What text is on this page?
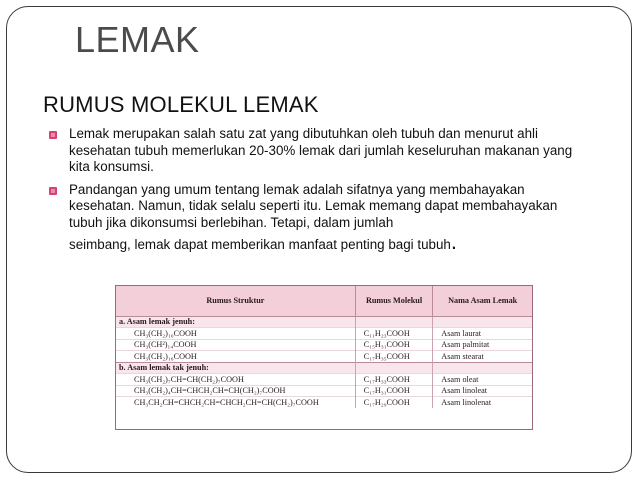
LEMAK
RUMUS MOLEKUL LEMAK
Lemak merupakan salah satu zat yang dibutuhkan oleh tubuh dan menurut ahli kesehatan tubuh memerlukan 20-30% lemak dari jumlah keseluruhan makanan yang kita konsumsi.
Pandangan yang umum tentang lemak adalah sifatnya yang membahayakan kesehatan. Namun, tidak selalu seperti itu. Lemak memang dapat membahayakan tubuh jika dikonsumsi berlebihan. Tetapi, dalam jumlah
seimbang, lemak dapat memberikan manfaat penting bagi tubuh.
Rumus Struktur	Rumus Molekul	Nama Asam Lemak
a. Asam lemak jenuh:		
CH₃(CH₂)₁₀COOH	C₁₁H₂₃COOH	Asam laurat
CH₃(CH²)₁₄COOH	C₁₅H₃₁COOH	Asam palmitat
CH₃(CH₂)₁₆COOH	C₁₇H₃₅COOH	Asam stearat
b. Asam lemak tak jenuh:		
CH₃(CH₂)₇CH=CH(CH₂)₇COOH	C₁₇H₃₃COOH	Asam oleat
CH₃(CH₂)₄CH=CHCH₂CH=CH(CH₂)₇COOH	C₁₇H₃₁COOH	Asam linoleat
CH₃CH₂CH=CHCH₂CH=CHCH₂CH=CH(CH₂)₇COOH	C₁₇H₂₉COOH	Asam linolenat
